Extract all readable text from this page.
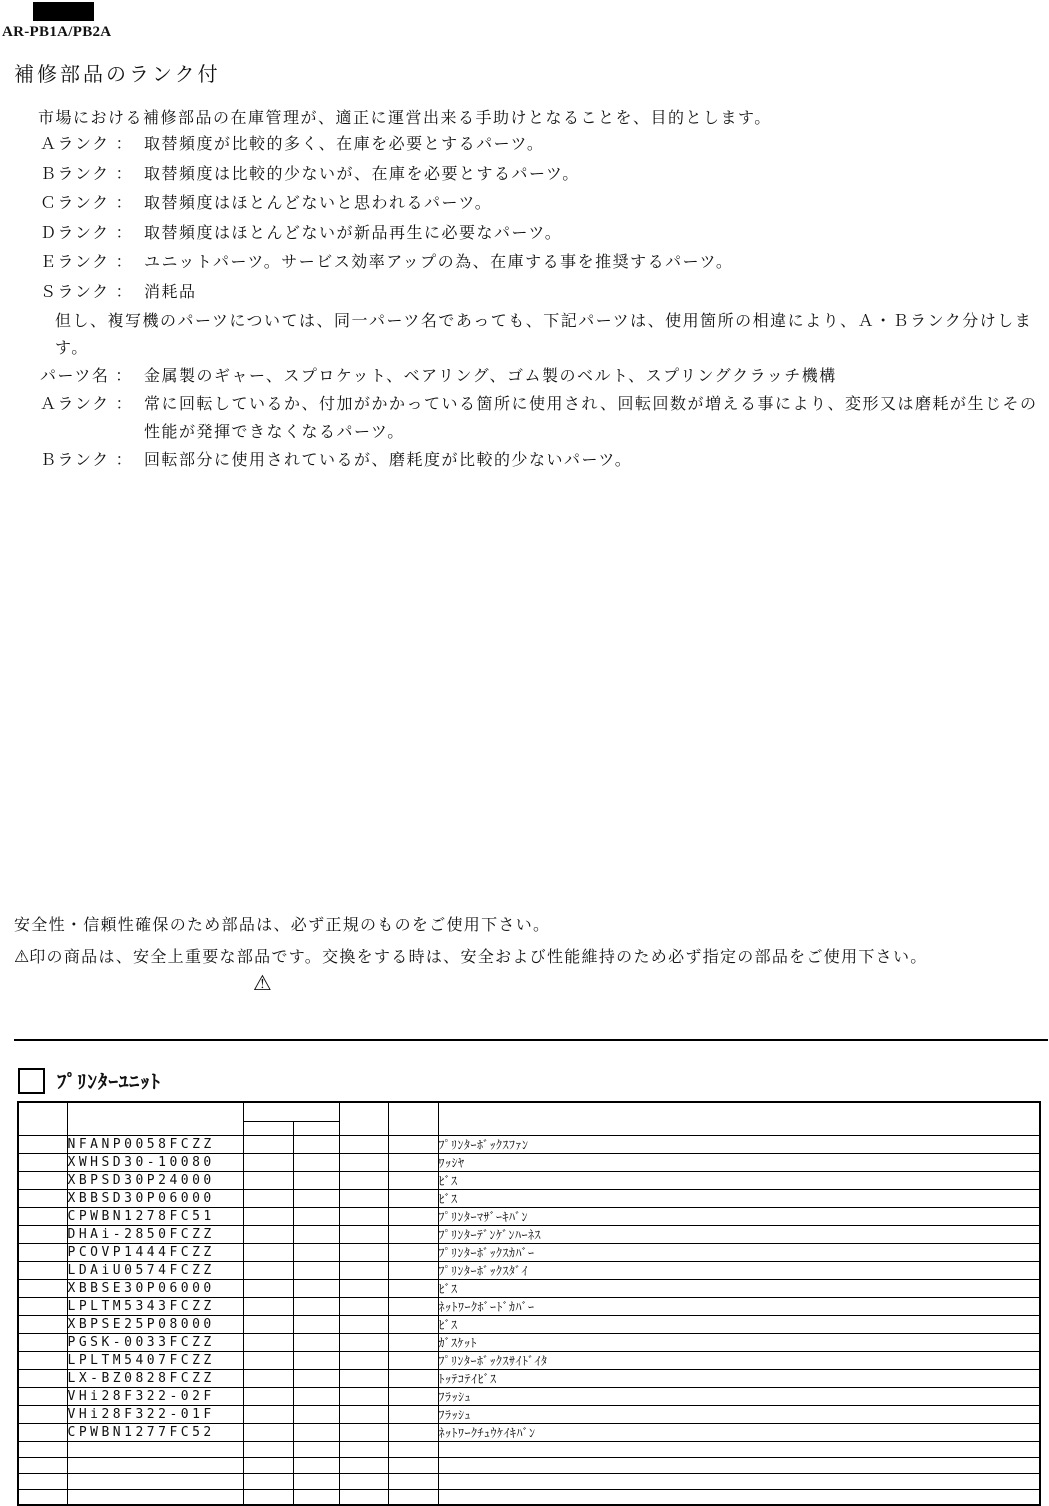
AR-PB1A/PB2A
補修部品のランク付
市場における補修部品の在庫管理が、適正に運営出来る手助けとなることを、目的とします。
Ａランク ： 取替頻度が比較的多く、在庫を必要とするパーツ。
Ｂランク ： 取替頻度は比較的少ないが、在庫を必要とするパーツ。
Ｃランク ： 取替頻度はほとんどないと思われるパーツ。
Ｄランク ： 取替頻度はほとんどないが新品再生に必要なパーツ。
Ｅランク ： ユニットパーツ。サービス効率アップの為、在庫する事を推奨するパーツ。
Ｓランク ： 消耗品
但し、複写機のパーツについては、同一パーツ名であっても、下記パーツは、使用箇所の相違により、Ａ・Ｂランク分けします。
パーツ名 ： 金属製のギャー、スプロケット、ベアリング、ゴム製のベルト、スプリングクラッチ機構
Ａランク ： 常に回転しているか、付加がかかっている箇所に使用され、回転回数が増える事により、変形又は磨耗が生じその性能が発揮できなくなるパーツ。
Ｂランク ： 回転部分に使用されているが、磨耗度が比較的少ないパーツ。
安全性・信頼性確保のため部品は、必ず正規のものをご使用下さい。
⚠印の商品は、安全上重要な部品です。交換をする時は、安全および性能維持のため必ず指定の部品をご使用下さい。
⚠
ﾌﾟﾘﾝﾀｰﾕﾆｯﾄ

	NFANP0058FCZZ					ﾌﾟﾘﾝﾀｰﾎﾞｯｸｽﾌｧﾝ
	XWHSD30-10080					ﾜｯｼﾔ
	XBPSD30P24000					ﾋﾞｽ
	XBBSD30P06000					ﾋﾞｽ
	CPWBN1278FC51					ﾌﾟﾘﾝﾀｰﾏｻﾞｰｷﾊﾞﾝ
	DHAi-2850FCZZ					ﾌﾟﾘﾝﾀｰﾃﾞﾝｹﾞﾝﾊｰﾈｽ
	PCOVP1444FCZZ					ﾌﾟﾘﾝﾀｰﾎﾞｯｸｽｶﾊﾞｰ
	LDAiU0574FCZZ					ﾌﾟﾘﾝﾀｰﾎﾞｯｸｽﾀﾞｲ
	XBBSE30P06000					ﾋﾞｽ
	LPLTM5343FCZZ					ﾈｯﾄﾜｰｸﾎﾞｰﾄﾞｶﾊﾞｰ
	XBPSE25P08000					ﾋﾞｽ
	PGSK-0033FCZZ					ｶﾞｽｹｯﾄ
	LPLTM5407FCZZ					ﾌﾟﾘﾝﾀｰﾎﾞｯｸｽｻｲﾄﾞｲﾀ
	LX-BZ0828FCZZ					ﾄｯﾃｺﾃｲﾋﾞｽ
	VHi28F322-02F					ﾌﾗｯｼｭ
	VHi28F322-01F					ﾌﾗｯｼｭ
	CPWBN1277FC52					ﾈｯﾄﾜｰｸﾁｭｳｹｲｷﾊﾞﾝ
